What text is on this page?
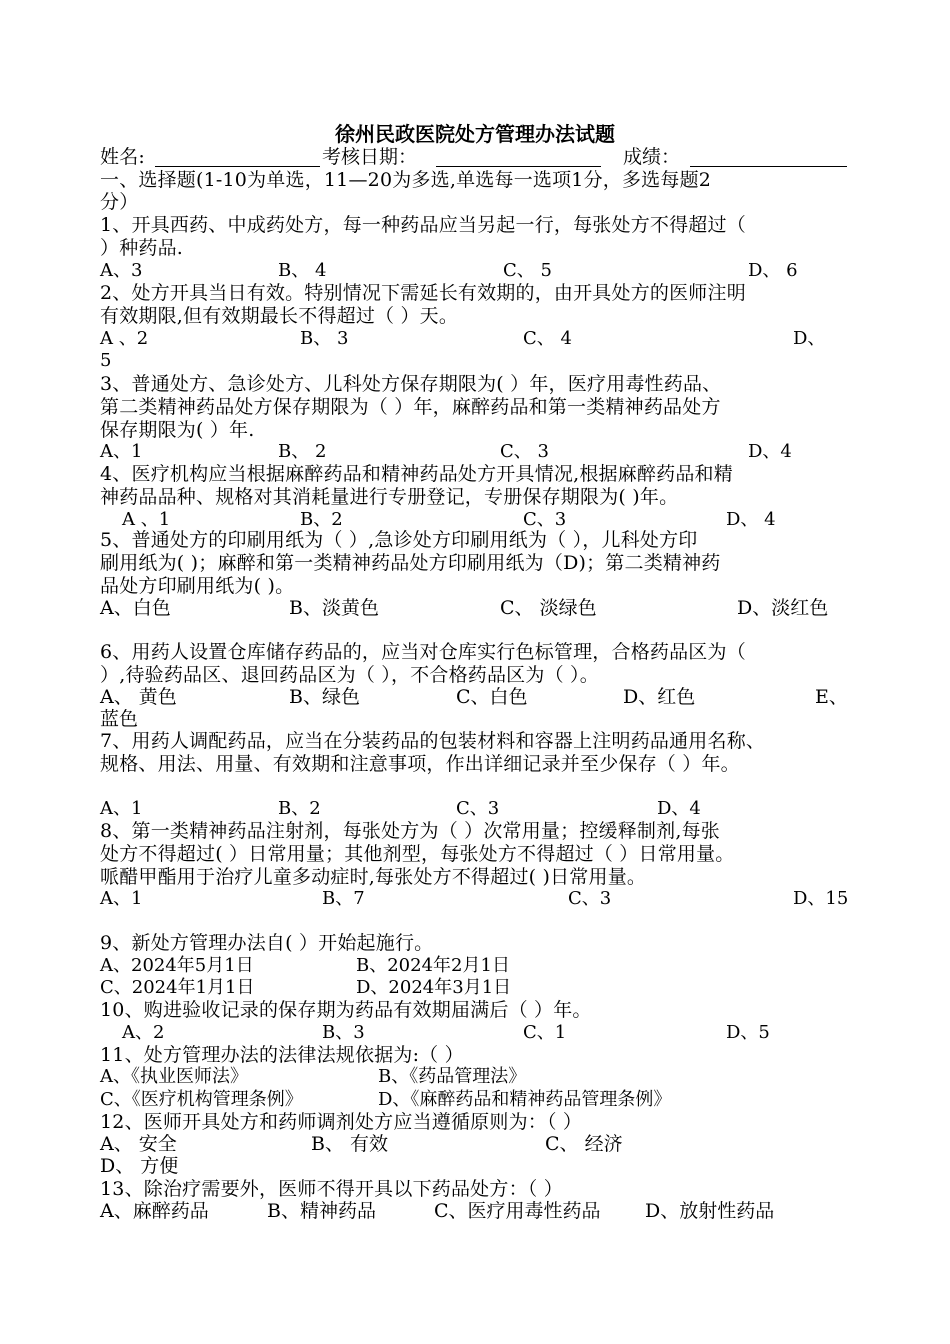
徐州民政医院处方管理办法试题
姓名:	考核日期：	成绩：
一、选择题(1-10为单选，11—20为多选,单选每一选项1分，多选每题2
分）
1、开具西药、中成药处方，每一种药品应当另起一行，每张处方不得超过（
）种药品.
A、3	B、 4	C、 5	D、 6
2、处方开具当日有效。特别情况下需延长有效期的，由开具处方的医师注明
有效期限,但有效期最长不得超过（ ）天。
A 、2	B、 3	C、 4	D、
5
3、普通处方、急诊处方、儿科处方保存期限为( ）年，医疗用毒性药品、
第二类精神药品处方保存期限为（ ）年，麻醉药品和第一类精神药品处方
保存期限为( ）年.
A、1	B、 2	C、 3	D、4
4、医疗机构应当根据麻醉药品和精神药品处方开具情况,根据麻醉药品和精
神药品品种、规格对其消耗量进行专册登记，专册保存期限为( )年。
A 、1	B、2	C、3	D、 4
5、普通处方的印刷用纸为（ ）,急诊处方印刷用纸为（ ），儿科处方印
刷用纸为( )；麻醉和第一类精神药品处方印刷用纸为（D)；第二类精神药
品处方印刷用纸为( )。
A、白色	B、淡黄色	C、 淡绿色	D、淡红色
6、用药人设置仓库储存药品的，应当对仓库实行色标管理，合格药品区为（
）,待验药品区、退回药品区为（ ），不合格药品区为（ ）。
A、 黄色	B、绿色	C、白色	D、红色	E、
蓝色
7、用药人调配药品，应当在分装药品的包装材料和容器上注明药品通用名称、
规格、用法、用量、有效期和注意事项，作出详细记录并至少保存（ ）年。
A、1	B、2	C、3	D、4
8、第一类精神药品注射剂，每张处方为（ ）次常用量；控缓释制剂,每张
处方不得超过( ）日常用量；其他剂型，每张处方不得超过（ ）日常用量。
哌醋甲酯用于治疗儿童多动症时,每张处方不得超过( )日常用量。
A、1	B、7	C、3	D、15
9、新处方管理办法自( ）开始起施行。
A、2024年5月1日	B、2024年2月1日
C、2024年1月1日	D、2024年3月1日
10、购进验收记录的保存期为药品有效期届满后（ ）年。
A、2	B、3	C、1	D、5
11、处方管理办法的法律法规依据为:（ ）
A、《执业医师法》	B、《药品管理法》
C、《医疗机构管理条例》	D、《麻醉药品和精神药品管理条例》
12、医师开具处方和药师调剂处方应当遵循原则为：（ ）
A、 安全	B、 有效	C、 经济
D、 方便
13、除治疗需要外，医师不得开具以下药品处方：（ ）
A、麻醉药品	B、精神药品	C、医疗用毒性药品 D、放射性药品
